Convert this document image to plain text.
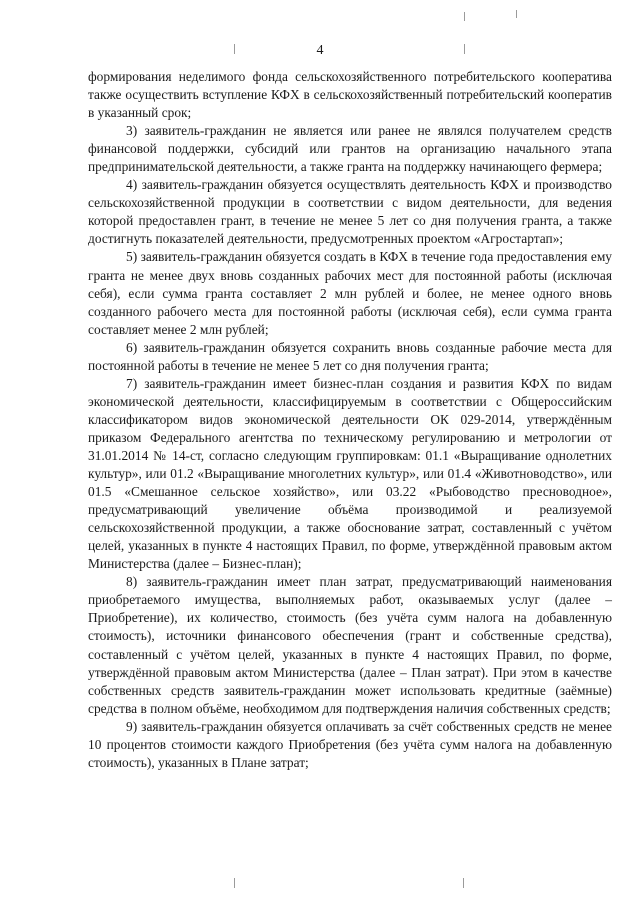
4

формирования неделимого фонда сельскохозяйственного потребительского кооператива также осуществить вступление КФХ в сельскохозяйственный потребительский кооператив в указанный срок;

3) заявитель-гражданин не является или ранее не являлся получателем средств финансовой поддержки, субсидий или грантов на организацию начального этапа предпринимательской деятельности, а также гранта на поддержку начинающего фермера;

4) заявитель-гражданин обязуется осуществлять деятельность КФХ и производство сельскохозяйственной продукции в соответствии с видом деятельности, для ведения которой предоставлен грант, в течение не менее 5 лет со дня получения гранта, а также достигнуть показателей деятельности, предусмотренных проектом «Агростартап»;

5) заявитель-гражданин обязуется создать в КФХ в течение года предоставления ему гранта не менее двух вновь созданных рабочих мест для постоянной работы (исключая себя), если сумма гранта составляет 2 млн рублей и более, не менее одного вновь созданного рабочего места для постоянной работы (исключая себя), если сумма гранта составляет менее 2 млн рублей;

6) заявитель-гражданин обязуется сохранить вновь созданные рабочие места для постоянной работы в течение не менее 5 лет со дня получения гранта;

7) заявитель-гражданин имеет бизнес-план создания и развития КФХ по видам экономической деятельности, классифицируемым в соответствии с Общероссийским классификатором видов экономической деятельности ОК 029-2014, утверждённым приказом Федерального агентства по техническому регулированию и метрологии от 31.01.2014 № 14-ст, согласно следующим группировкам: 01.1 «Выращивание однолетних культур», или 01.2 «Выращивание многолетних культур», или 01.4 «Животноводство», или 01.5 «Смешанное сельское хозяйство», или 03.22 «Рыбоводство пресноводное», предусматривающий увеличение объёма производимой и реализуемой сельскохозяйственной продукции, а также обоснование затрат, составленный с учётом целей, указанных в пункте 4 настоящих Правил, по форме, утверждённой правовым актом Министерства (далее – Бизнес-план);

8) заявитель-гражданин имеет план затрат, предусматривающий наименования приобретаемого имущества, выполняемых работ, оказываемых услуг (далее – Приобретение), их количество, стоимость (без учёта сумм налога на добавленную стоимость), источники финансового обеспечения (грант и собственные средства), составленный с учётом целей, указанных в пункте 4 настоящих Правил, по форме, утверждённой правовым актом Министерства (далее – План затрат). При этом в качестве собственных средств заявитель-гражданин может использовать кредитные (заёмные) средства в полном объёме, необходимом для подтверждения наличия собственных средств;

9) заявитель-гражданин обязуется оплачивать за счёт собственных средств не менее 10 процентов стоимости каждого Приобретения (без учёта сумм налога на добавленную стоимость), указанных в Плане затрат;
